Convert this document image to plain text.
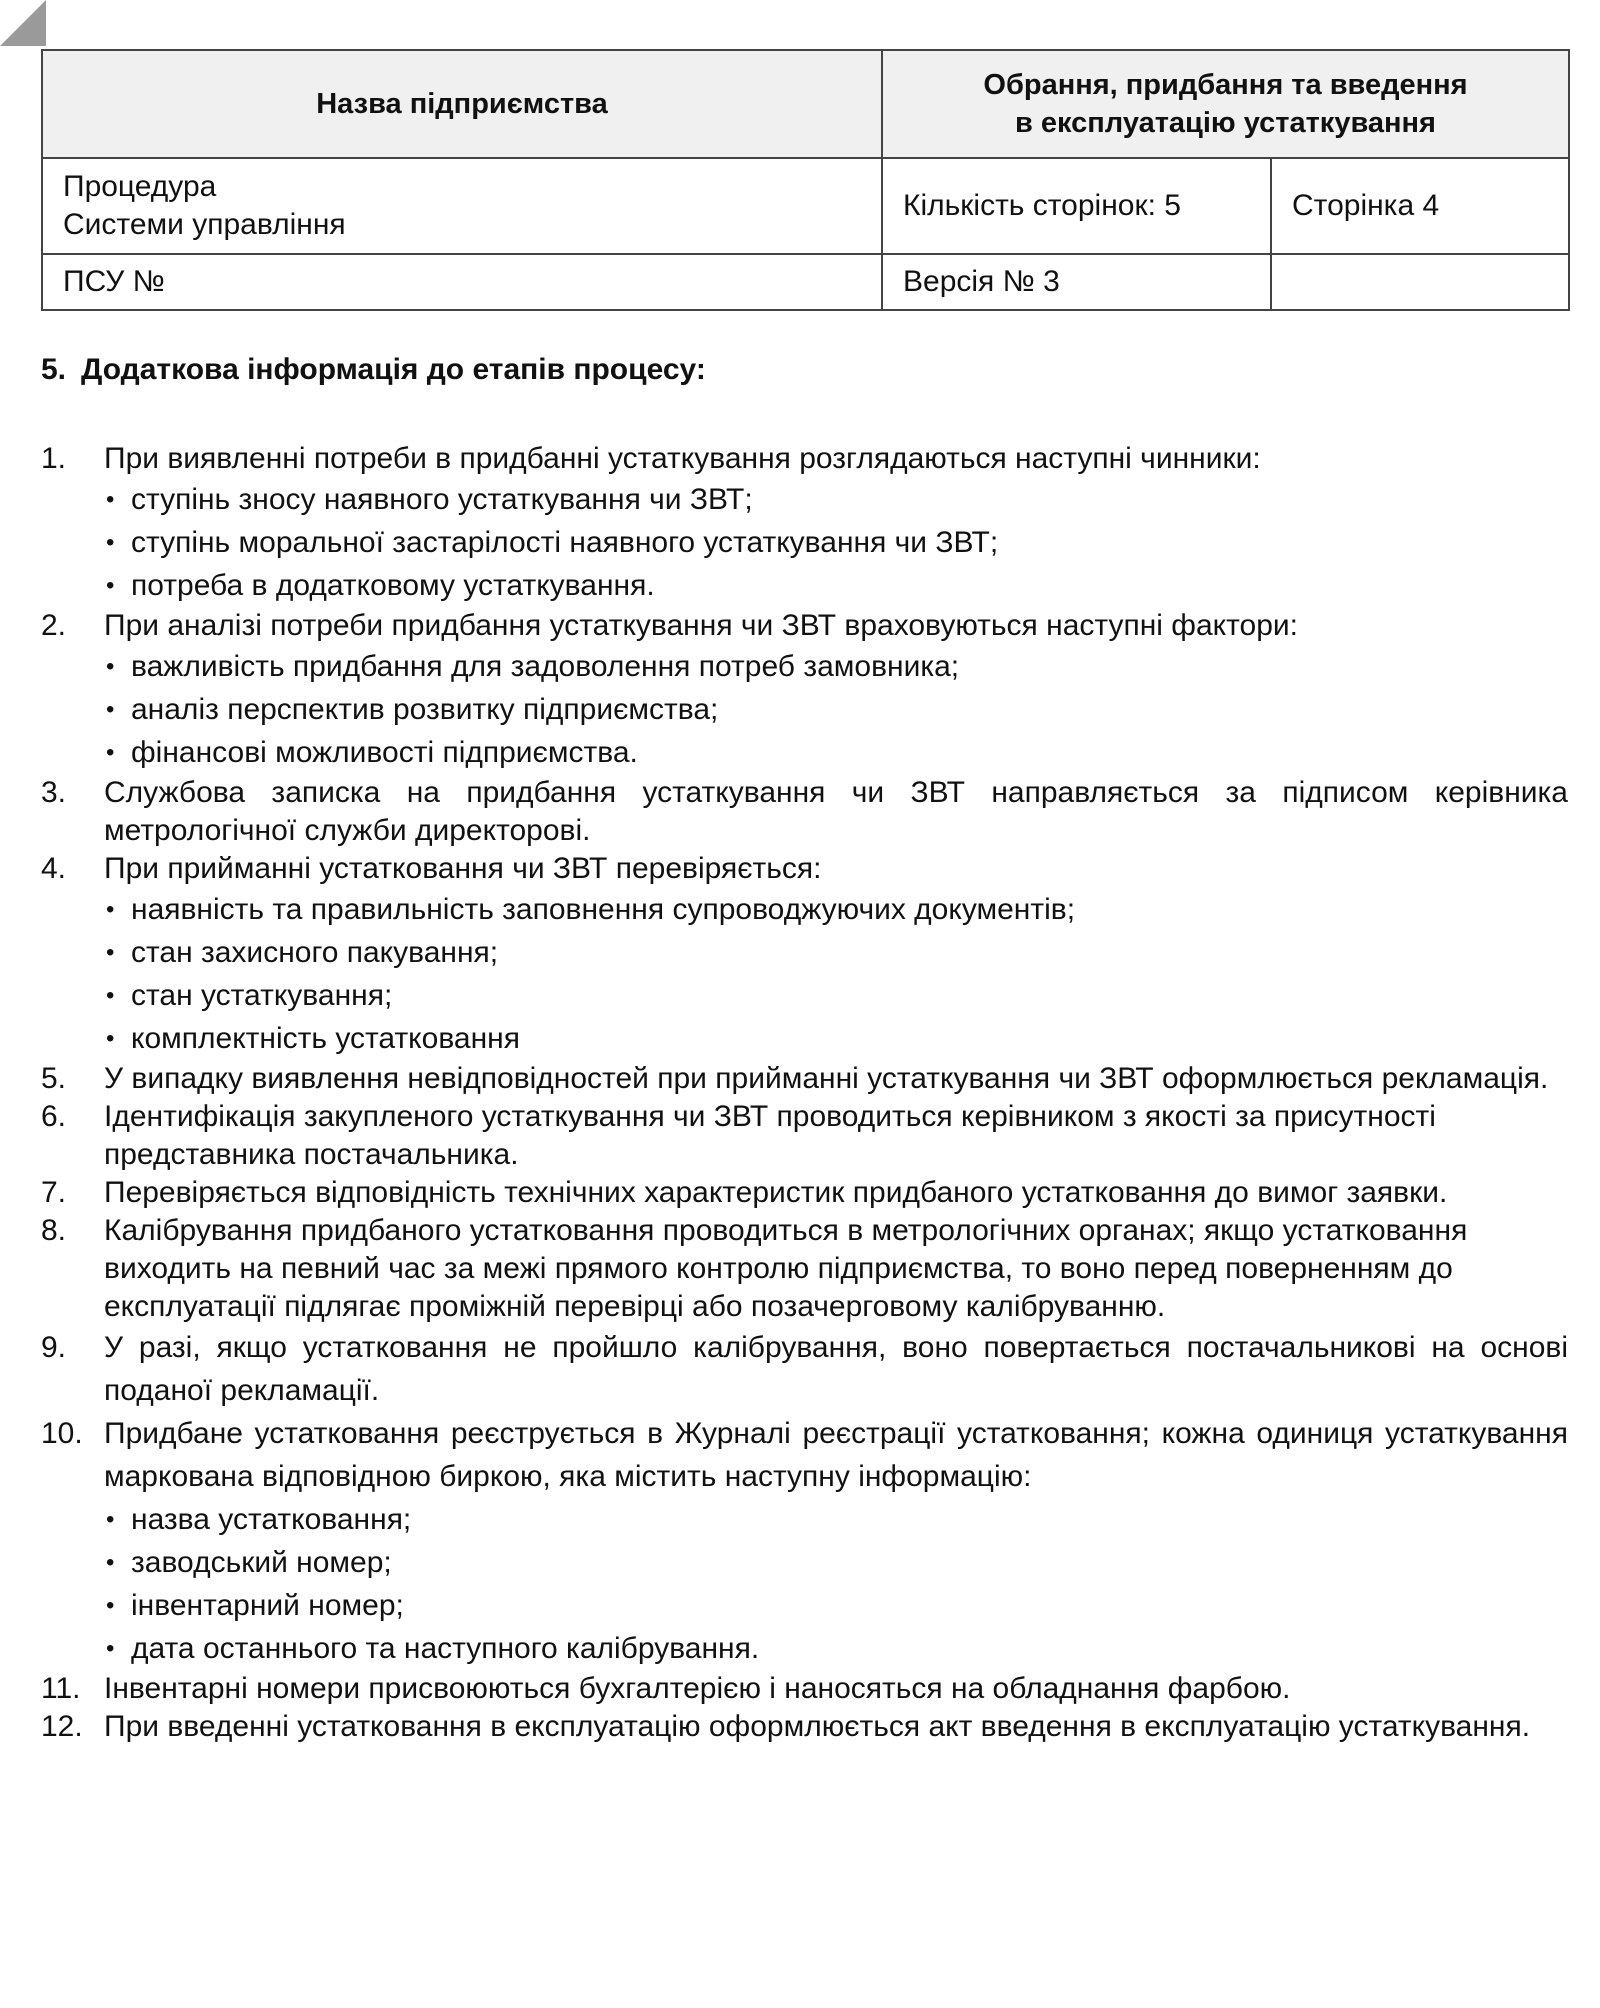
Назва підприємства	Обрання, придбання та введення
в експлуатацію устаткування	

Процедура
Системи управління	Кількість сторінок: 5	Сторінка 4
ПСУ №	Версія № 3	
5. Додаткова інформація до етапів процесу:
1.	При виявленні потреби в придбанні устаткування розглядаються наступні чинники:
• ступінь зносу наявного устаткування чи ЗВТ;
• ступінь моральної застарілості наявного устаткування чи ЗВТ;
• потреба в додатковому устаткування.
2.	При аналізі потреби придбання устаткування чи ЗВТ враховуються наступні фактори:
• важливість придбання для задоволення потреб замовника;
• аналіз перспектив розвитку підприємства;
• фінансові можливості підприємства.
3.	Службова записка на придбання устаткування чи ЗВТ направляється за підписом керівника метрологічної служби директорові.
4.	При прийманні устатковання чи ЗВТ перевіряється:
• наявність та правильність заповнення супроводжуючих документів;
• стан захисного пакування;
• стан устаткування;
• комплектність устатковання
5.	У випадку виявлення невідповідностей при прийманні устаткування чи ЗВТ оформлюється рекламація.
6.	Ідентифікація закупленого устаткування чи ЗВТ проводиться керівником з якості за присутності представника постачальника.
7.	Перевіряється відповідність технічних характеристик придбаного устатковання до вимог заявки.
8.	Калібрування придбаного устатковання проводиться в метрологічних органах; якщо устатковання виходить на певний час за межі прямого контролю підприємства, то воно перед поверненням до експлуатації підлягає проміжній перевірці або позачерговому калібруванню.
9.	У разі, якщо устатковання не пройшло калібрування, воно повертається постачальникові на основі поданої рекламації.
10. Придбане устатковання реєструється в Журналі реєстрації устатковання; кожна одиниця устаткування маркована відповідною биркою, яка містить наступну інформацію:
• назва устатковання;
• заводський номер;
• інвентарний номер;
• дата останнього та наступного калібрування.
11. Інвентарні номери присвоюються бухгалтерією і наносяться на обладнання фарбою.
12. При введенні устатковання в експлуатацію оформлюється акт введення в експлуатацію устаткування.
